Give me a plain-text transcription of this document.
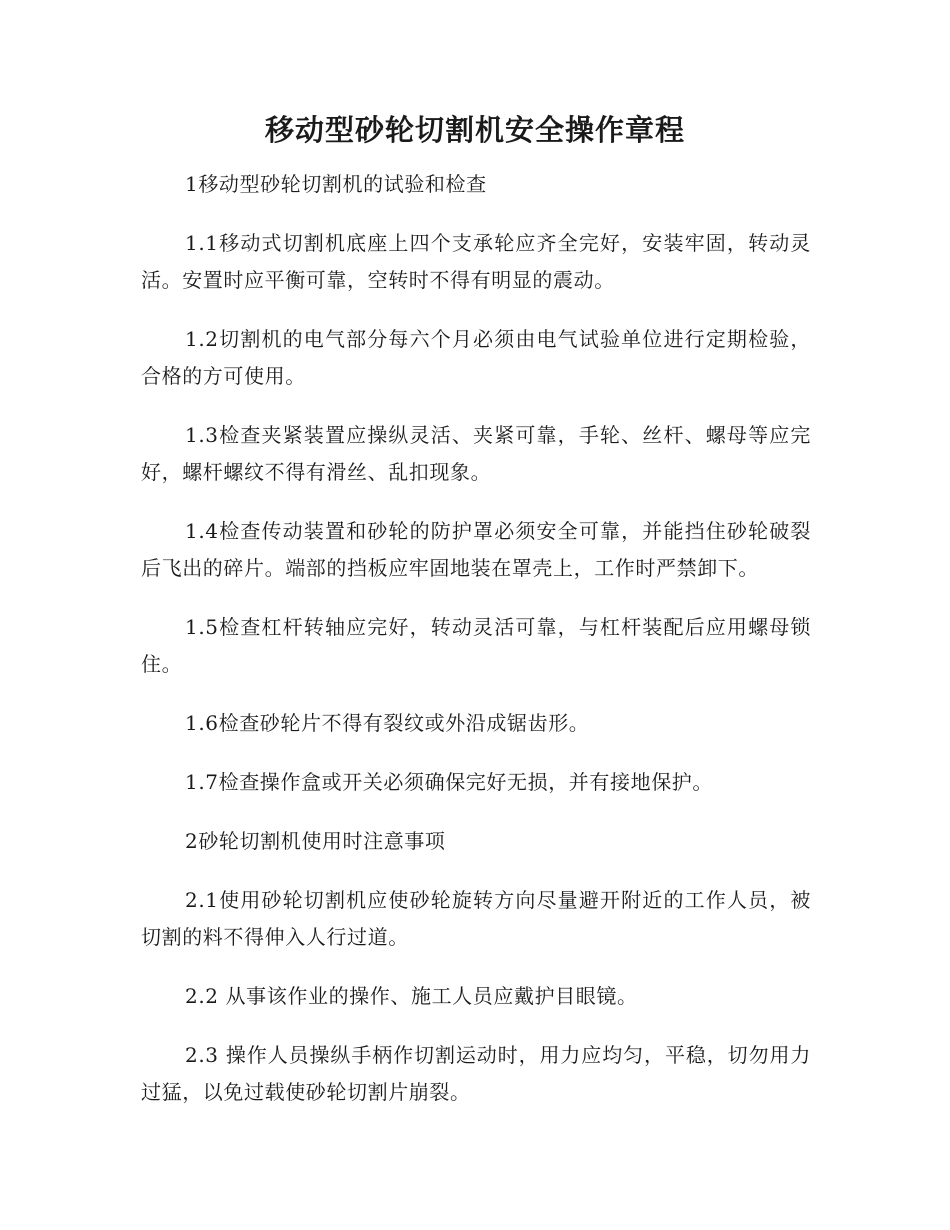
移动型砂轮切割机安全操作章程

1移动型砂轮切割机的试验和检查

1.1移动式切割机底座上四个支承轮应齐全完好，安装牢固，转动灵活。安置时应平衡可靠，空转时不得有明显的震动。

1.2切割机的电气部分每六个月必须由电气试验单位进行定期检验，合格的方可使用。

1.3检查夹紧装置应操纵灵活、夹紧可靠，手轮、丝杆、螺母等应完好，螺杆螺纹不得有滑丝、乱扣现象。

1.4检查传动装置和砂轮的防护罩必须安全可靠，并能挡住砂轮破裂后飞出的碎片。端部的挡板应牢固地装在罩壳上，工作时严禁卸下。

1.5检查杠杆转轴应完好，转动灵活可靠，与杠杆装配后应用螺母锁住。

1.6检查砂轮片不得有裂纹或外沿成锯齿形。

1.7检查操作盒或开关必须确保完好无损，并有接地保护。

2砂轮切割机使用时注意事项

2.1使用砂轮切割机应使砂轮旋转方向尽量避开附近的工作人员，被切割的料不得伸入人行过道。

2.2 从事该作业的操作、施工人员应戴护目眼镜。

2.3 操作人员操纵手柄作切割运动时，用力应均匀，平稳，切勿用力过猛，以免过载使砂轮切割片崩裂。
